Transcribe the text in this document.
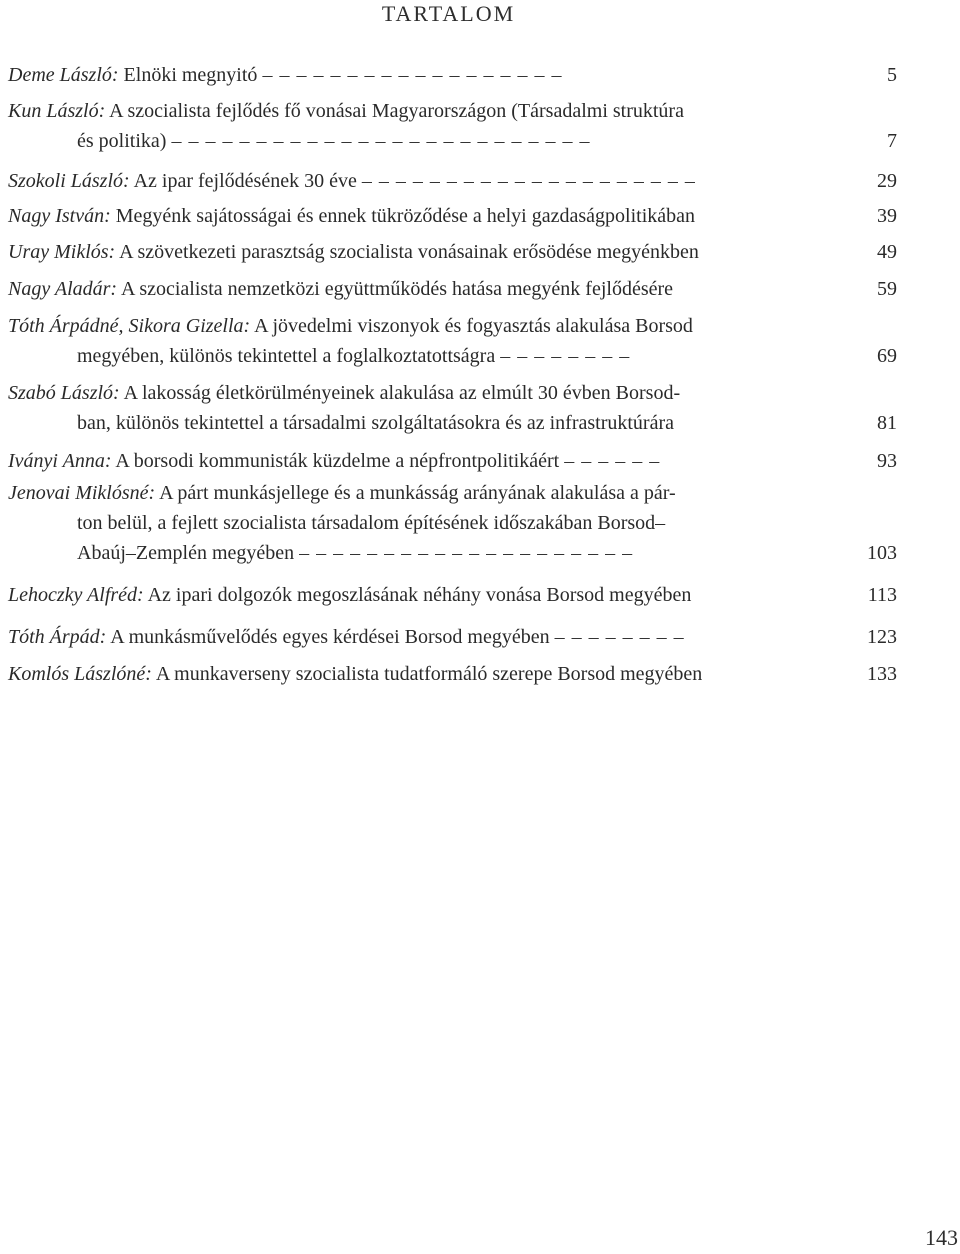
TARTALOM
Deme László: Elnöki megnyitó – – – – – – – – – – – – – – – – – –	5
Kun László: A szocialista fejlődés fő vonásai Magyarországon (Társadalmi struktúra
és politika) – – – – – – – – – – – – – – – – – – – – – – – – –	7
Szokoli László: Az ipar fejlődésének 30 éve – – – – – – – – – – – – – – – – – – – –	29
Nagy István: Megyénk sajátosságai és ennek tükröződése a helyi gazdaságpolitikában	39
Uray Miklós: A szövetkezeti parasztság szocialista vonásainak erősödése megyénkben	49
Nagy Aladár: A szocialista nemzetközi együttműködés hatása megyénk fejlődésére	59
Tóth Árpádné, Sikora Gizella: A jövedelmi viszonyok és fogyasztás alakulása Borsod
megyében, különös tekintettel a foglalkoztatottságra – – – – – – – –	69
Szabó László: A lakosság életkörülményeinek alakulása az elmúlt 30 évben Borsod-
ban, különös tekintettel a társadalmi szolgáltatásokra és az infrastruktúrára	81
Iványi Anna: A borsodi kommunisták küzdelme a népfrontpolitikáért – – – – – –	93
Jenovai Miklósné: A párt munkásjellege és a munkásság arányának alakulása a pár-
ton belül, a fejlett szocialista társadalom építésének időszakában Borsod–
Abaúj–Zemplén megyében – – – – – – – – – – – – – – – – – – – –	103
Lehoczky Alfréd: Az ipari dolgozók megoszlásának néhány vonása Borsod megyében	113
Tóth Árpád: A munkásművelődés egyes kérdései Borsod megyében – – – – – – – –	123
Komlós Lászlóné: A munkaverseny szocialista tudatformáló szerepe Borsod megyében	133
143
